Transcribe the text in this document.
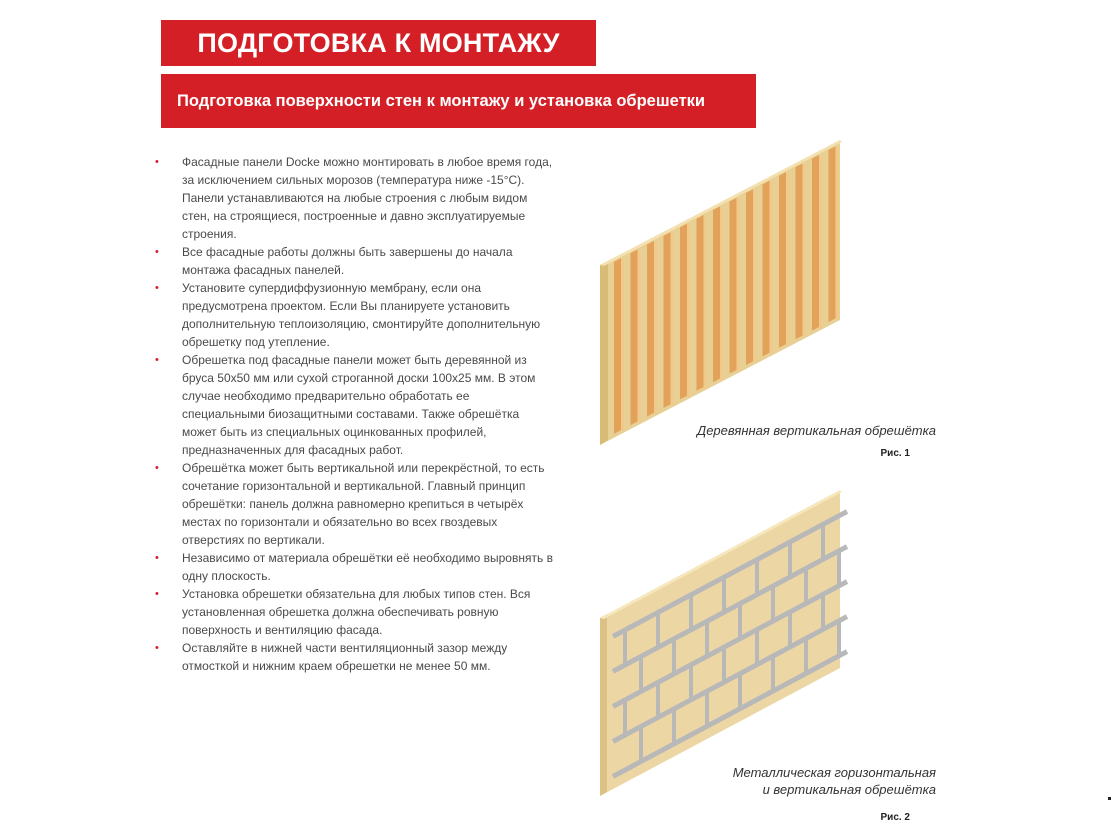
ПОДГОТОВКА К МОНТАЖУ
Подготовка поверхности стен к монтажу и установка обрешетки
• Фасадные панели Docke можно монтировать в любое время года, за исключением сильных морозов (температура ниже -15°С). Панели устанавливаются на любые строения с любым видом стен, на строящиеся, построенные и давно эксплуатируемые строения.
• Все фасадные работы должны быть завершены до начала монтажа фасадных панелей.
• Установите супердиффузионную мембрану, если она предусмотрена проектом. Если Вы планируете установить дополнительную теплоизоляцию, смонтируйте дополнительную обрешетку под утепление.
• Обрешетка под фасадные панели может быть деревянной из бруса 50х50 мм или сухой строганной доски 100х25 мм. В этом случае необходимо предварительно обработать ее специальными биозащитными составами. Также обрешётка может быть из специальных оцинкованных профилей, предназначенных для фасадных работ.
• Обрешётка может быть вертикальной или перекрёстной, то есть сочетание горизонтальной и вертикальной. Главный принцип обрешётки: панель должна равномерно крепиться в четырёх местах по горизонтали и обязательно во всех гвоздевых отверстиях по вертикали.
• Независимо от материала обрешётки её необходимо выровнять в одну плоскость.
• Установка обрешетки обязательна для любых типов стен. Вся установленная обрешетка должна обеспечивать ровную поверхность и вентиляцию фасада.
• Оставляйте в нижней части вентиляционный зазор между отмосткой и нижним краем обрешетки не менее 50 мм.
Деревянная вертикальная обрешётка
Рис. 1
Металлическая горизонтальная
и вертикальная обрешётка
Рис. 2
